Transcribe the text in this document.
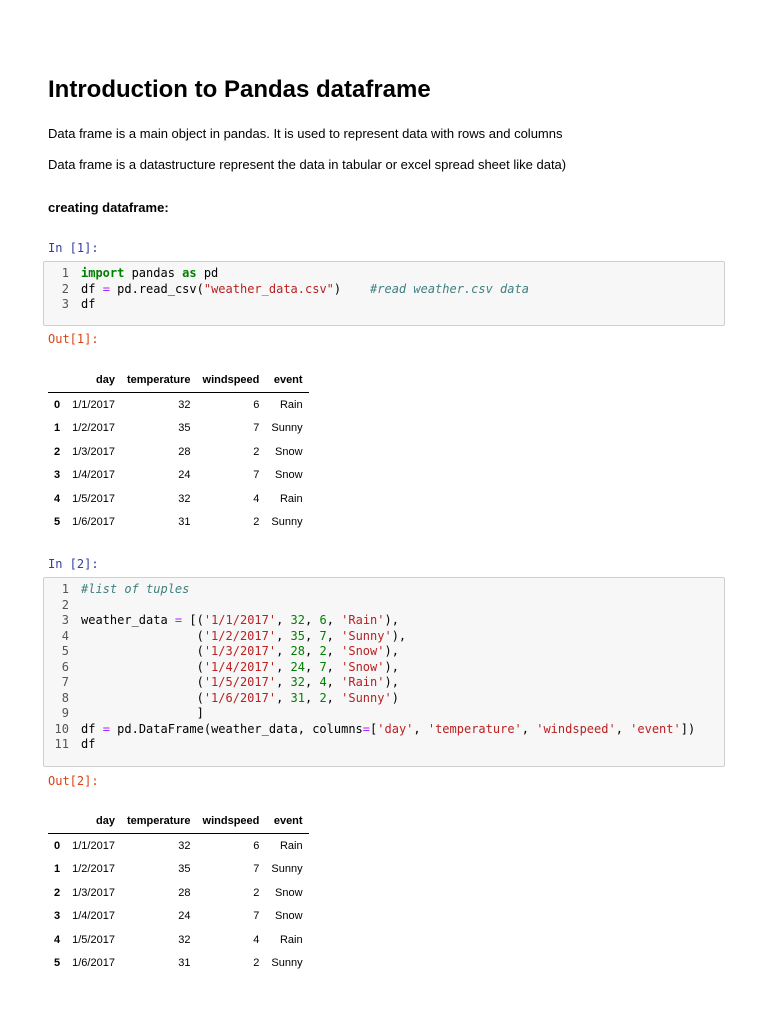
Introduction to Pandas dataframe

Data frame is a main object in pandas. It is used to represent data with rows and columns

Data frame is a datastructure represent the data in tabular or excel spread sheet like data)

creating dataframe:

In [1]:
1	import pandas as pd
2	df = pd.read_csv("weather_data.csv")    #read weather.csv data
3	df
Out[1]:
	day	temperature	windspeed	event
0	1/1/2017	32	6	Rain
1	1/2/2017	35	7	Sunny
2	1/3/2017	28	2	Snow
3	1/4/2017	24	7	Snow
4	1/5/2017	32	4	Rain
5	1/6/2017	31	2	Sunny
In [2]:
1	#list of tuples
2
3	weather_data = [('1/1/2017', 32, 6, 'Rain'),
4	('1/2/2017', 35, 7, 'Sunny'),
5	('1/3/2017', 28, 2, 'Snow'),
6	('1/4/2017', 24, 7, 'Snow'),
7	('1/5/2017', 32, 4, 'Rain'),
8	('1/6/2017', 31, 2, 'Sunny')
9	]
10	df = pd.DataFrame(weather_data, columns=['day', 'temperature', 'windspeed', 'event'])
11	df
Out[2]:
	day	temperature	windspeed	event
0	1/1/2017	32	6	Rain
1	1/2/2017	35	7	Sunny
2	1/3/2017	28	2	Snow
3	1/4/2017	24	7	Snow
4	1/5/2017	32	4	Rain
5	1/6/2017	31	2	Sunny
